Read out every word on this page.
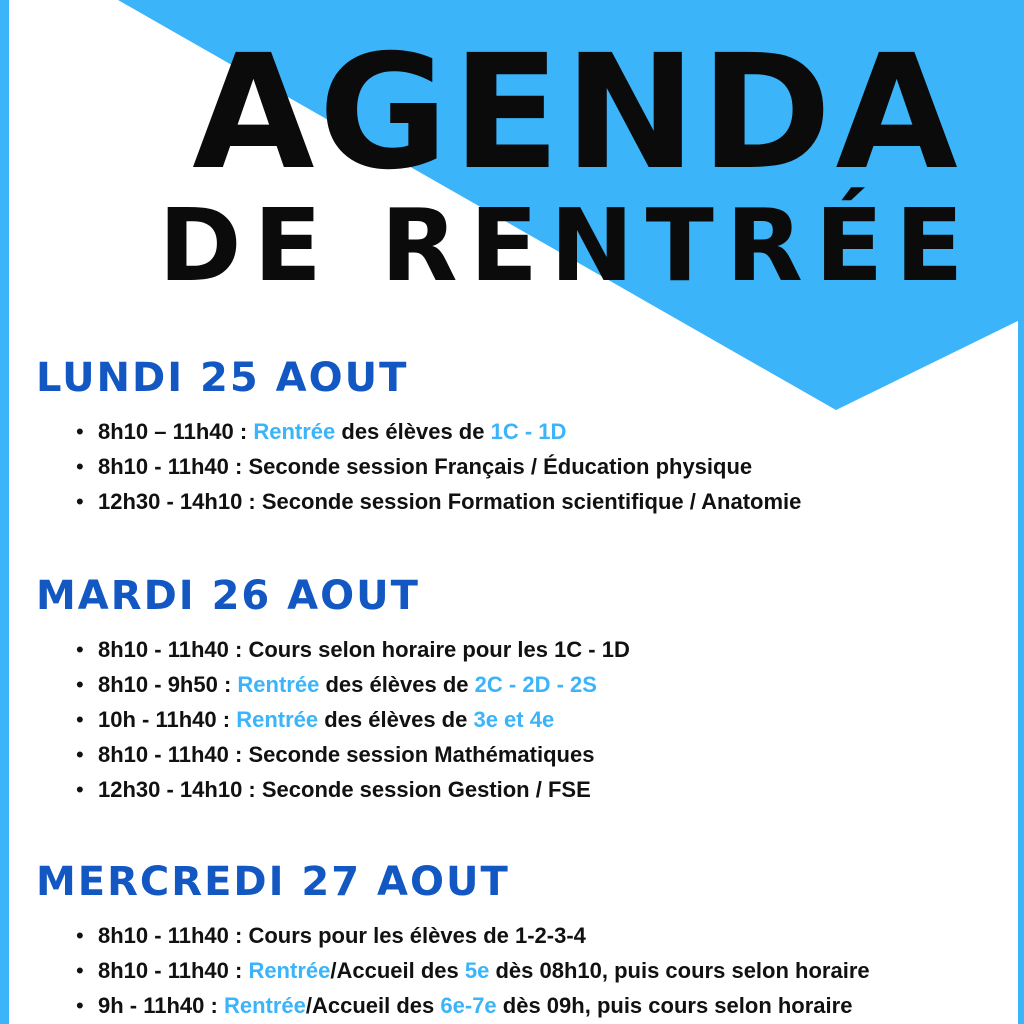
AGENDA
DE RENTRÉE
LUNDI 25 AOUT
• 8h10 – 11h40 : Rentrée des élèves de 1C - 1D
• 8h10 - 11h40 : Seconde session Français / Éducation physique
• 12h30 - 14h10 : Seconde session Formation scientifique / Anatomie
MARDI 26 AOUT
• 8h10 - 11h40 : Cours selon horaire pour les 1C - 1D
• 8h10 - 9h50 : Rentrée des élèves de 2C - 2D - 2S
• 10h - 11h40 : Rentrée des élèves de 3e et 4e
• 8h10 - 11h40 : Seconde session Mathématiques
• 12h30 - 14h10 : Seconde session Gestion / FSE
MERCREDI 27 AOUT
• 8h10 - 11h40 : Cours pour les élèves de 1-2-3-4
• 8h10 - 11h40 : Rentrée/Accueil des 5e dès 08h10, puis cours selon horaire
• 9h - 11h40 : Rentrée/Accueil des 6e-7e dès 09h, puis cours selon horaire
